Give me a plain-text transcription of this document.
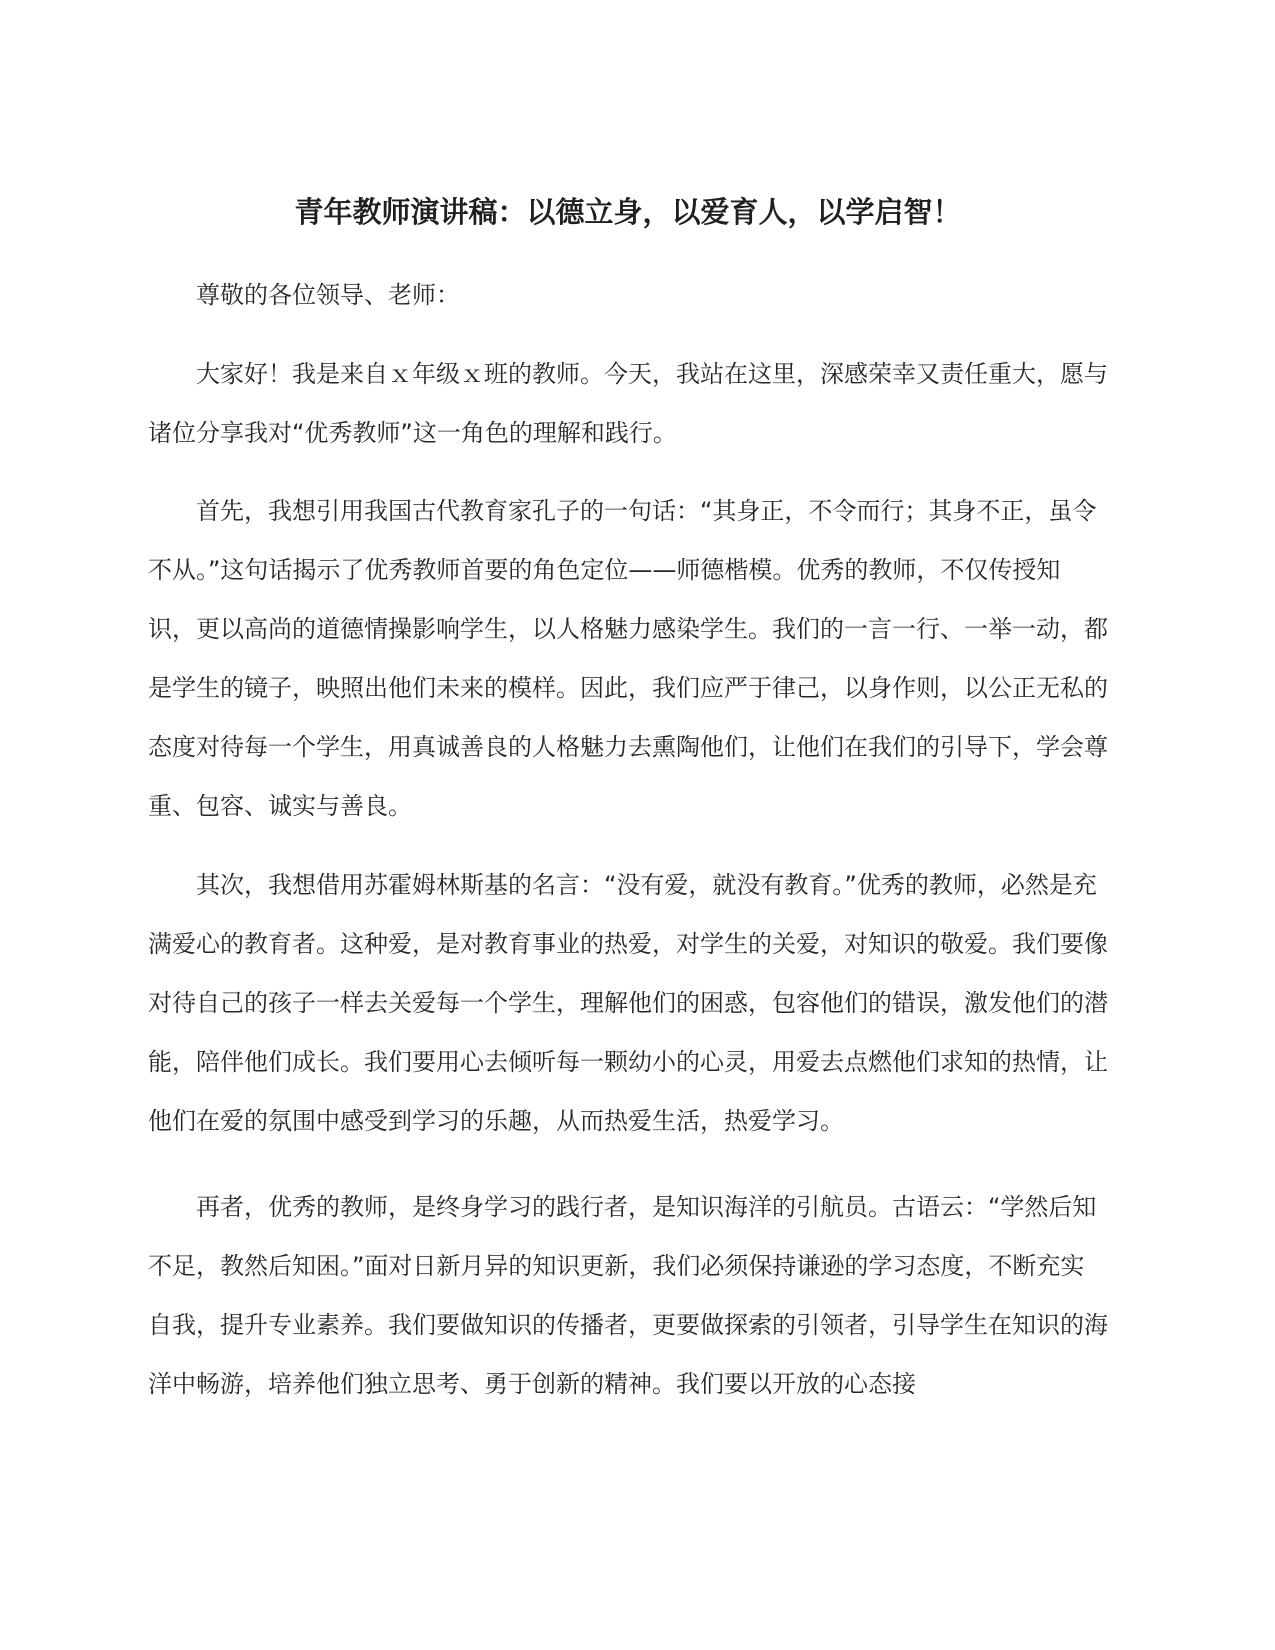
青年教师演讲稿：以德立身，以爱育人，以学启智！

尊敬的各位领导、老师：

大家好！我是来自ｘ年级ｘ班的教师。今天，我站在这里，深感荣幸又责任重大，愿与诸位分享我对“优秀教师”这一角色的理解和践行。

首先，我想引用我国古代教育家孔子的一句话：“其身正，不令而行；其身不正，虽令不从。”这句话揭示了优秀教师首要的角色定位——师德楷模。优秀的教师，不仅传授知识，更以高尚的道德情操影响学生，以人格魅力感染学生。我们的一言一行、一举一动，都是学生的镜子，映照出他们未来的模样。因此，我们应严于律己，以身作则，以公正无私的态度对待每一个学生，用真诚善良的人格魅力去熏陶他们，让他们在我们的引导下，学会尊重、包容、诚实与善良。

其次，我想借用苏霍姆林斯基的名言：“没有爱，就没有教育。”优秀的教师，必然是充满爱心的教育者。这种爱，是对教育事业的热爱，对学生的关爱，对知识的敬爱。我们要像对待自己的孩子一样去关爱每一个学生，理解他们的困惑，包容他们的错误，激发他们的潜能，陪伴他们成长。我们要用心去倾听每一颗幼小的心灵，用爱去点燃他们求知的热情，让他们在爱的氛围中感受到学习的乐趣，从而热爱生活，热爱学习。

再者，优秀的教师，是终身学习的践行者，是知识海洋的引航员。古语云：“学然后知不足，教然后知困。”面对日新月异的知识更新，我们必须保持谦逊的学习态度，不断充实自我，提升专业素养。我们要做知识的传播者，更要做探索的引领者，引导学生在知识的海洋中畅游，培养他们独立思考、勇于创新的精神。我们要以开放的心态接
